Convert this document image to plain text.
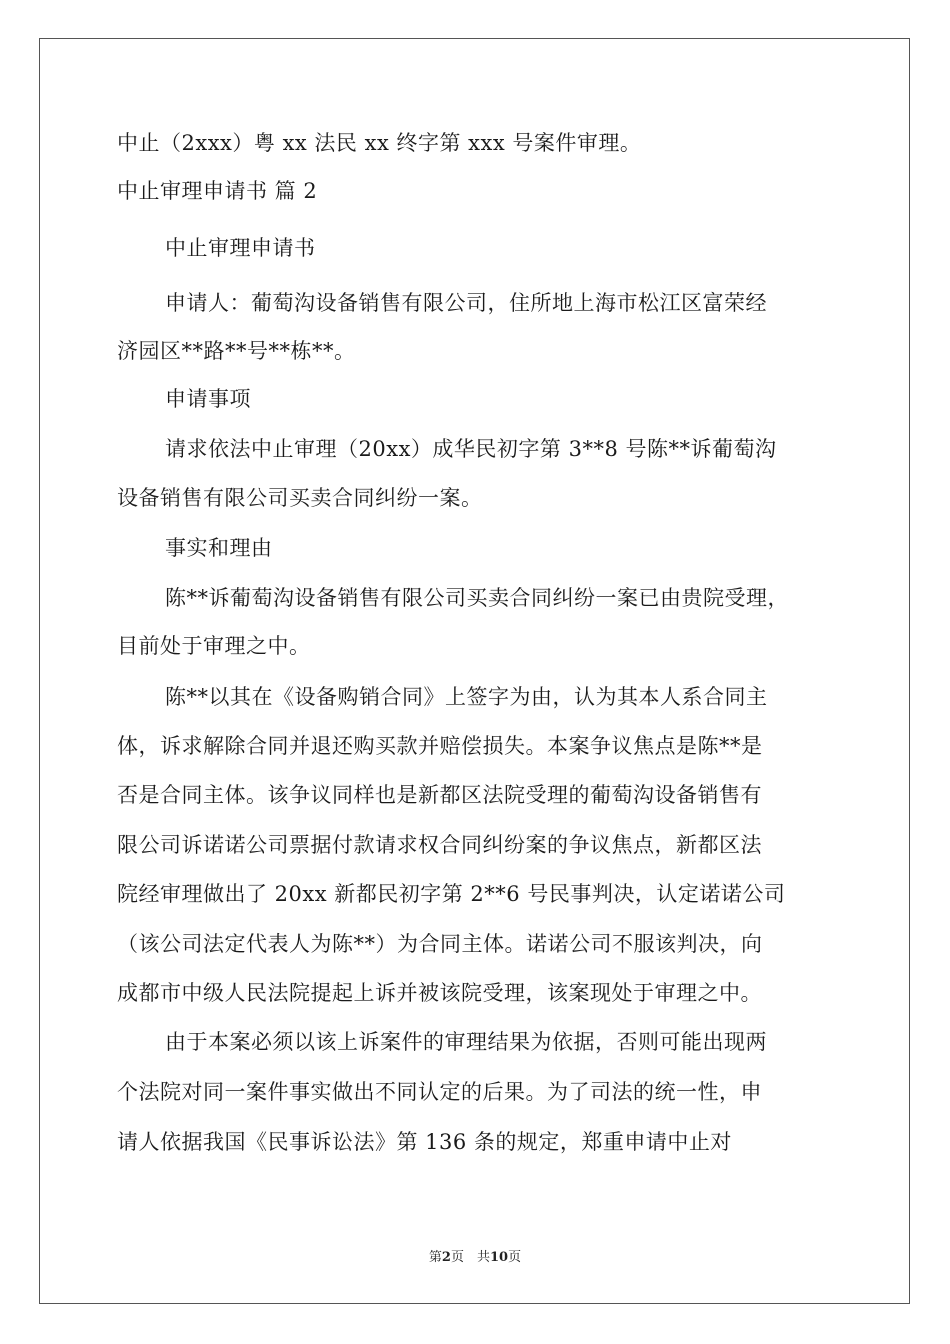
中止（2xxx）粤 xx 法民 xx 终字第 xxx 号案件审理。
中止审理申请书 篇 2
中止审理申请书
申请人：葡萄沟设备销售有限公司，住所地上海市松江区富荣经
济园区**路**号**栋**。
申请事项
请求依法中止审理（20xx）成华民初字第 3**8 号陈**诉葡萄沟
设备销售有限公司买卖合同纠纷一案。
事实和理由
陈**诉葡萄沟设备销售有限公司买卖合同纠纷一案已由贵院受理，
目前处于审理之中。
陈**以其在《设备购销合同》上签字为由，认为其本人系合同主
体，诉求解除合同并退还购买款并赔偿损失。本案争议焦点是陈**是
否是合同主体。该争议同样也是新都区法院受理的葡萄沟设备销售有
限公司诉诺诺公司票据付款请求权合同纠纷案的争议焦点，新都区法
院经审理做出了 20xx 新都民初字第 2**6 号民事判决，认定诺诺公司
（该公司法定代表人为陈**）为合同主体。诺诺公司不服该判决，向
成都市中级人民法院提起上诉并被该院受理，该案现处于审理之中。
由于本案必须以该上诉案件的审理结果为依据，否则可能出现两
个法院对同一案件事实做出不同认定的后果。为了司法的统一性，申
请人依据我国《民事诉讼法》第 136 条的规定，郑重申请中止对
第2页　共10页
